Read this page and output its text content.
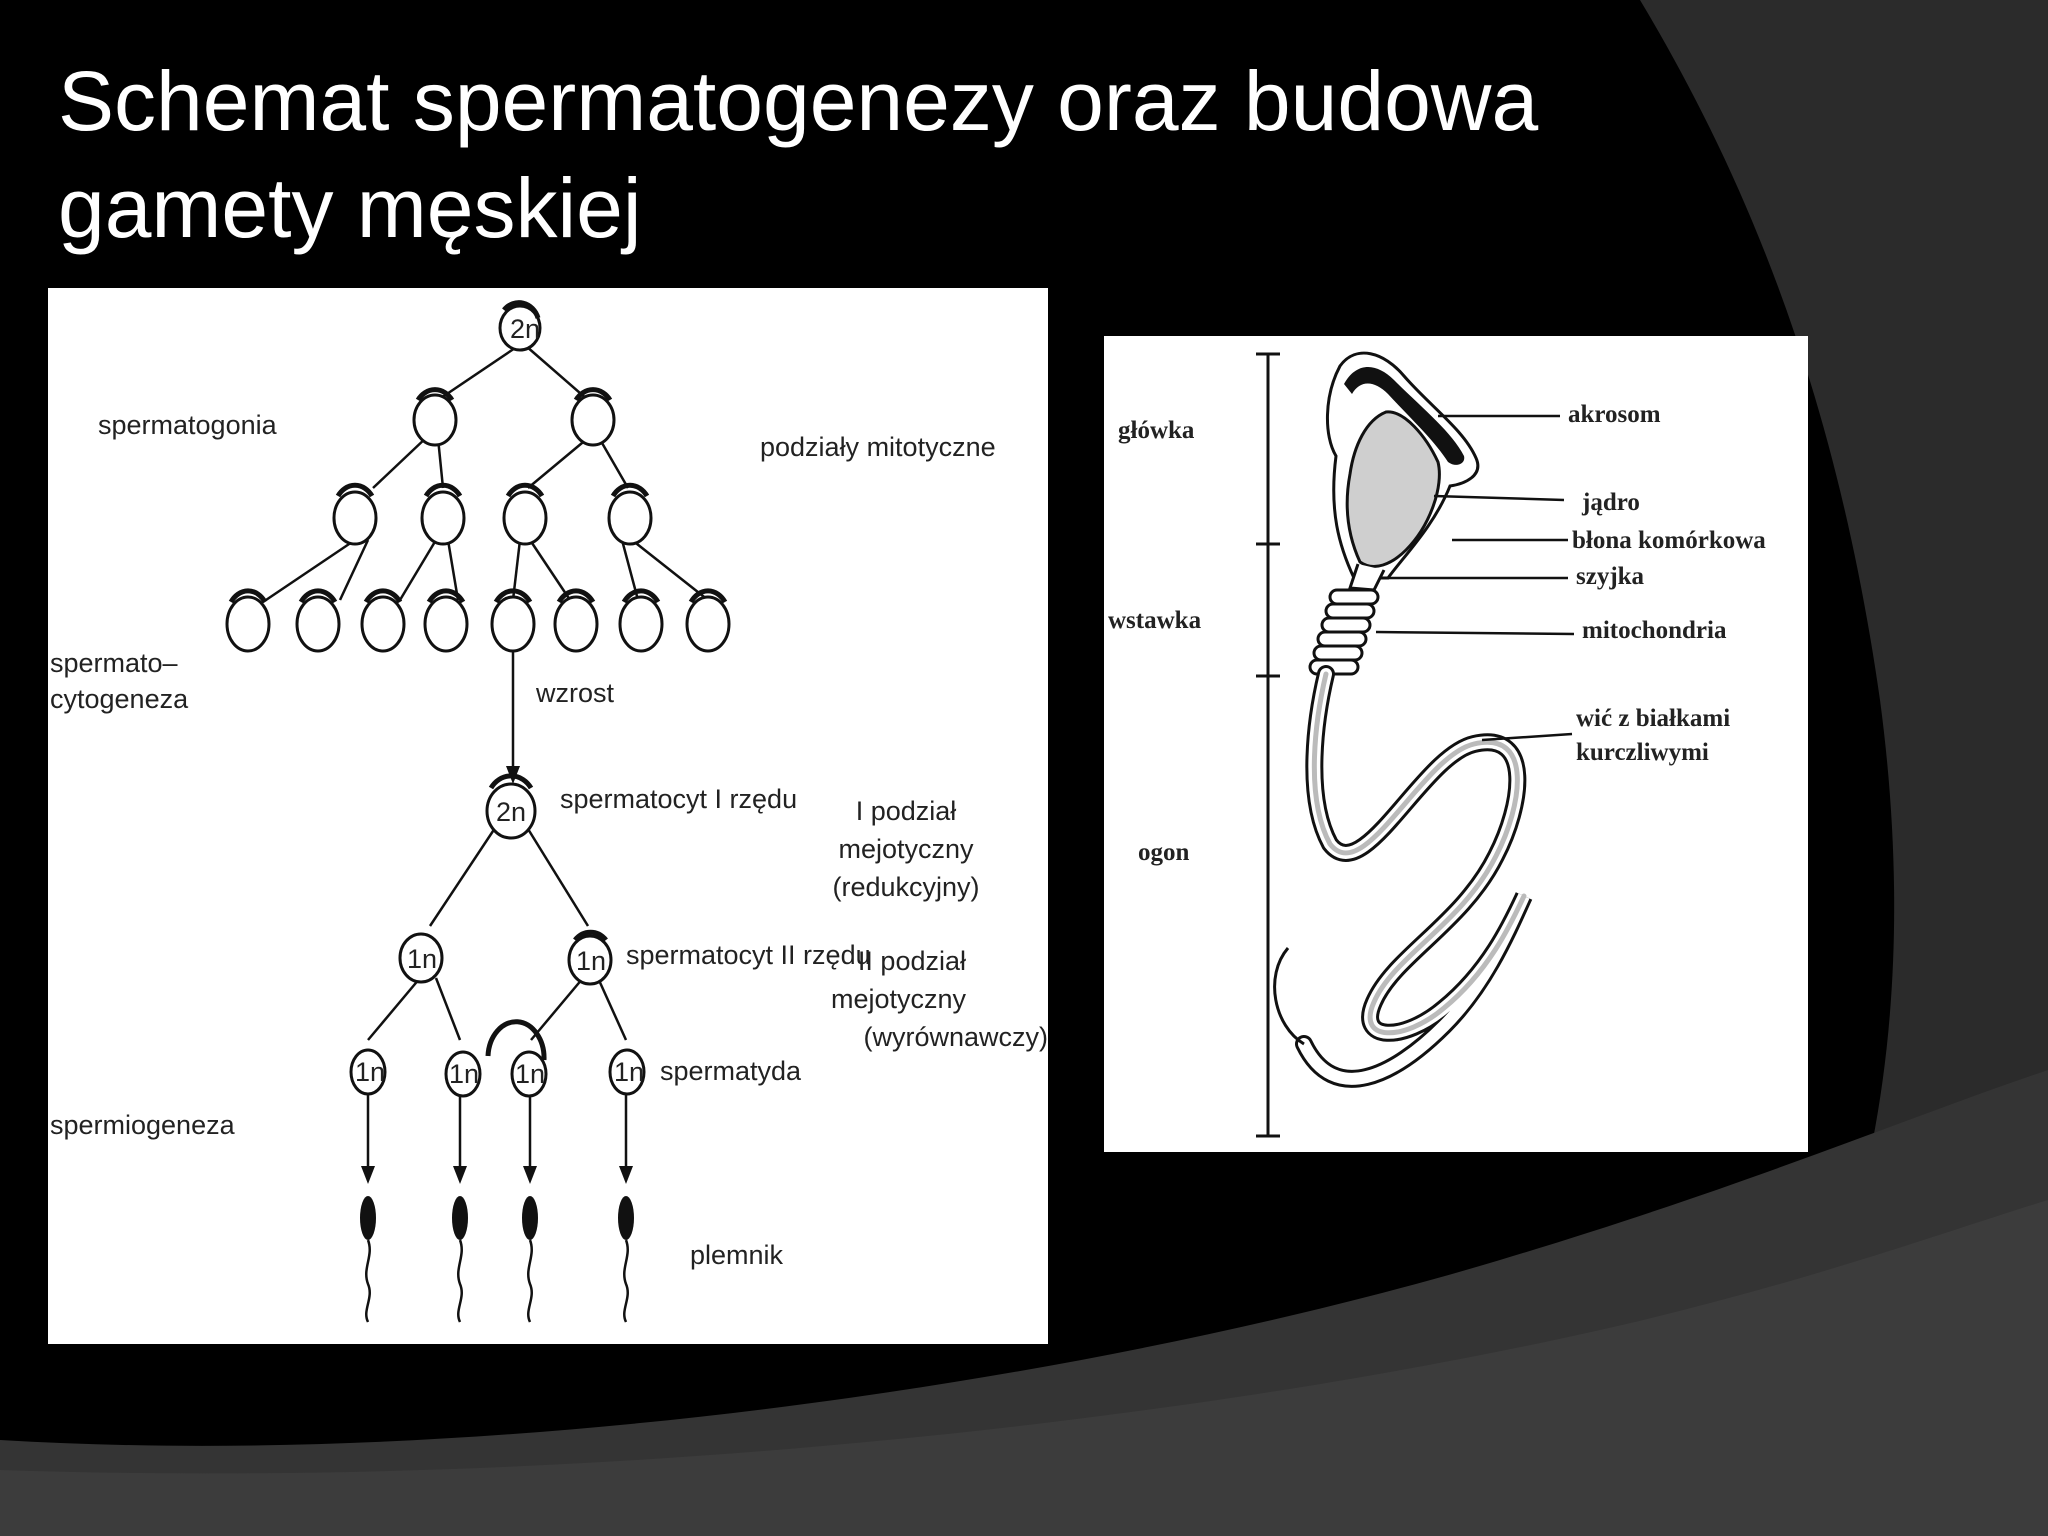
Schemat spermatogenezy oraz budowa
gamety męskiej
2n
2n
1n	1n
1n 1n 1n	1n
spermatogonia
podziały mitotyczne
spermato–
cytogeneza	wzrost
spermatocyt I rzędu I podział
mejotyczny
(redukcyjny)
spermatocyt II rzędu
II podział
mejotyczny
(wyrównawczy)
spermatyda
spermiogeneza
plemnik
główka
wstawka
ogon
akrosom
jądro
błona komórkowa
szyjka
mitochondria
wić z białkami
kurczliwymi
